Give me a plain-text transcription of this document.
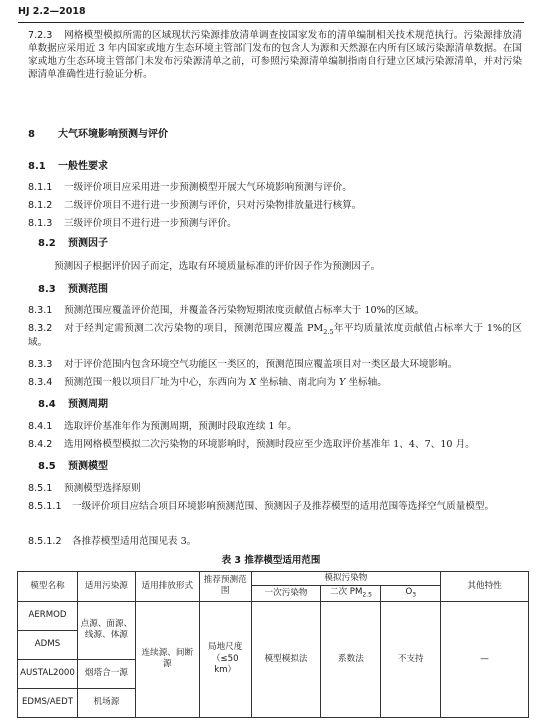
HJ 2.2—2018
7.2.3 网格模型模拟所需的区域现状污染源排放清单调查按国家发布的清单编制相关技术规范执行。污染源排放清单数据应采用近 3 年内国家或地方生态环境主管部门发布的包含人为源和天然源在内所有区域污染源清单数据。在国家或地方生态环境主管部门未发布污染源清单之前，可参照污染源清单编制指南自行建立区域污染源清单，并对污染源清单准确性进行验证分析。
8 大气环境影响预测与评价
8.1 一般性要求
8.1.1 一级评价项目应采用进一步预测模型开展大气环境影响预测与评价。
8.1.2 二级评价项目不进行进一步预测与评价，只对污染物排放量进行核算。
8.1.3 三级评价项目不进行进一步预测与评价。
8.2 预测因子
预测因子根据评价因子而定，选取有环境质量标准的评价因子作为预测因子。
8.3 预测范围
8.3.1 预测范围应覆盖评价范围，并覆盖各污染物短期浓度贡献值占标率大于 10%的区域。
8.3.2 对于经判定需预测二次污染物的项目，预测范围应覆盖 $PM_{2.5}$年平均质量浓度贡献值占标率大于 1%的区域。
8.3.3 对于评价范围内包含环境空气功能区一类区的，预测范围应覆盖项目对一类区最大环境影响。
8.3.4 预测范围一般以项目厂址为中心，东西向为 X 坐标轴、南北向为 Y 坐标轴。
8.4 预测周期
8.4.1 选取评价基准年作为预测周期，预测时段取连续 1 年。
8.4.2 选用网格模型模拟二次污染物的环境影响时，预测时段应至少选取评价基准年 1、4、7、10 月。
8.5 预测模型
8.5.1 预测模型选择原则
8.5.1.1 一级评价项目应结合项目环境影响预测范围、预测因子及推荐模型的适用范围等选择空气质量模型。
8.5.1.2 各推荐模型适用范围见表 3。
表 3 推荐模型适用范围
模型名称	适用污染源	适用排放形式	推荐预测范围	模拟污染物			其他特性
				一次污染物	二次 $PM_{2.5}$	$O_3$
AERMOD	点源、面源、线源、体源	连续源、间断源	局地尺度（≤50 km）	模型模拟法	系数法	不支持	—
ADMS							
AUSTAL2000	烟塔合一源						
EDMS/AEDT	机场源						
